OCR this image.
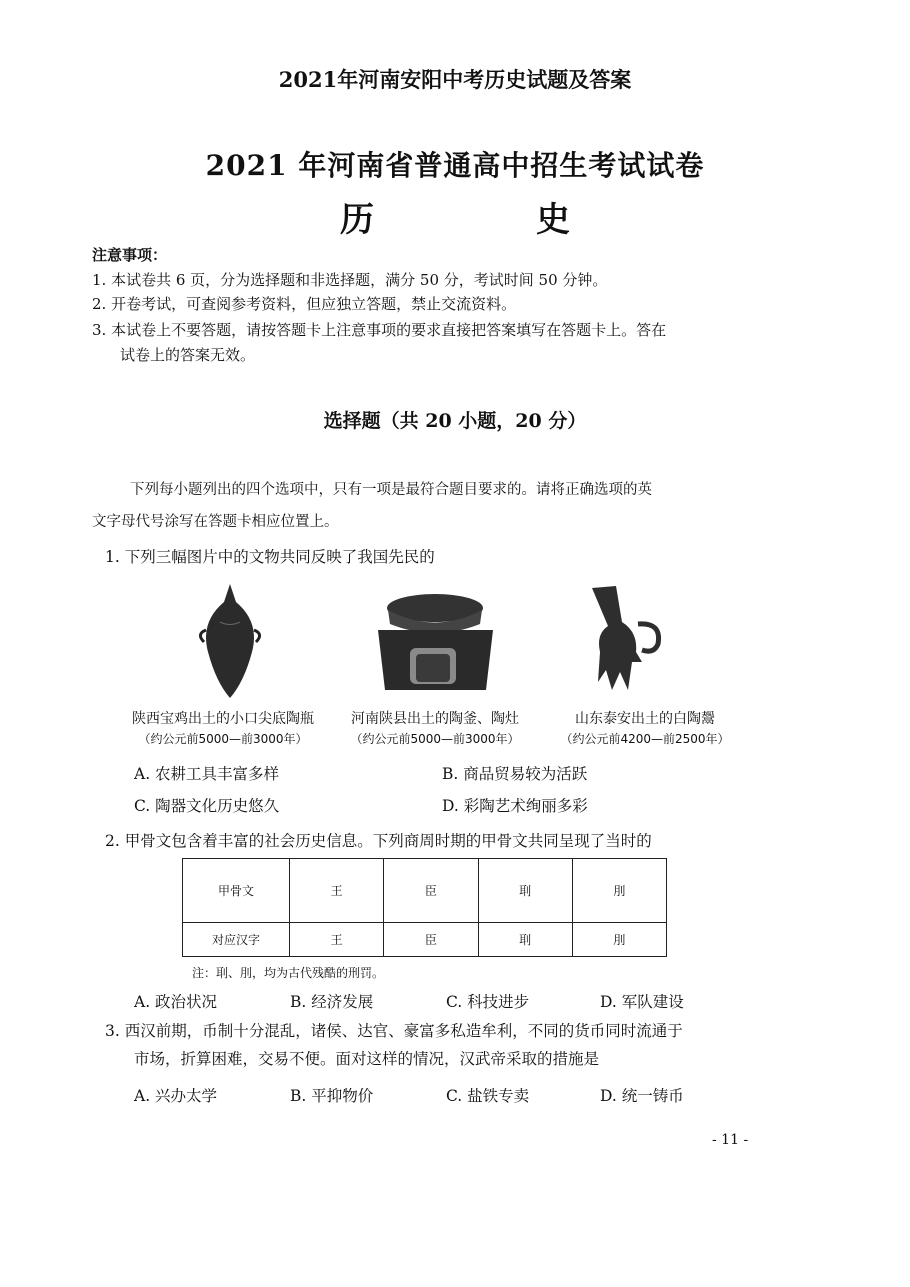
2021年河南安阳中考历史试题及答案
2021 年河南省普通高中招生考试试卷
历	史
注意事项：
1. 本试卷共 6 页，分为选择题和非选择题，满分 50 分，考试时间 50 分钟。
2. 开卷考试，可查阅参考资料，但应独立答题，禁止交流资料。
3. 本试卷上不要答题，请按答题卡上注意事项的要求直接把答案填写在答题卡上。答在
试卷上的答案无效。
选择题（共 20 小题，20 分）
下列每小题列出的四个选项中，只有一项是最符合题目要求的。请将正确选项的英
文字母代号涂写在答题卡相应位置上。
1. 下列三幅图片中的文物共同反映了我国先民的
陕西宝鸡出土的小口尖底陶瓶
（约公元前5000—前3000年）
河南陕县出土的陶釜、陶灶
（约公元前5000—前3000年）
山东泰安出土的白陶鬶
（约公元前4200—前2500年）
A. 农耕工具丰富多样	B. 商品贸易较为活跃
C. 陶器文化历史悠久	D. 彩陶艺术绚丽多彩
2. 甲骨文包含着丰富的社会历史信息。下列商周时期的甲骨文共同呈现了当时的
甲骨文	王	臣	刵	刖
对应汉字	王	臣	刵	刖
注：刵、刖，均为古代残酷的刑罚。
A. 政治状况	B. 经济发展	C. 科技进步	D. 军队建设
3. 西汉前期，币制十分混乱，诸侯、达官、豪富多私造牟利，不同的货币同时流通于
市场，折算困难，交易不便。面对这样的情况，汉武帝采取的措施是
A. 兴办太学	B. 平抑物价	C. 盐铁专卖	D. 统一铸币
- 11 -
